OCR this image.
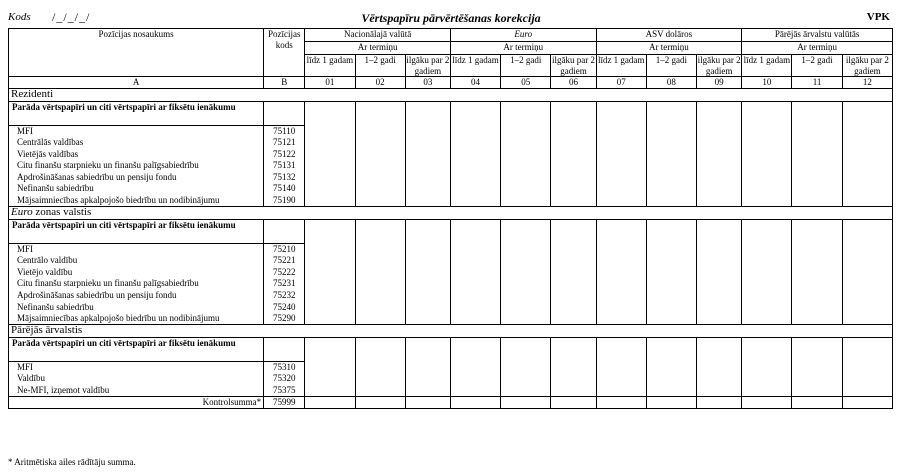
Kods /_/_/_/	Vērtspapīru pārvērtēšanas korekcija	VPK
Pozīcijas nosaukums	Pozīcijas kods	Nacionālajā valūtā			Euro			ASV dolāros			Pārējās ārvalstu valūtās		
		Ar termiņu			Ar termiņu			Ar termiņu			Ar termiņu		
		līdz 1 gadam	1–2 gadi	ilgāku par 2 gadiem	līdz 1 gadam	1–2 gadi	ilgāku par 2 gadiem	līdz 1 gadam	1–2 gadi	ilgāku par 2 gadiem	līdz 1 gadam	1–2 gadi	ilgāku par 2 gadiem
A	B	01	02	03	04	05	06	07	08	09	10	11	12
Rezidenti													
Parāda vērtspapīri un citi vērtspapīri ar fiksētu ienākumu													
MFI	75110												
Centrālās valdības	75121												
Vietējās valdības	75122												
Citu finanšu starpnieku un finanšu palīgsabiedrību	75131												
Apdrošināšanas sabiedrību un pensiju fondu	75132												
Nefinanšu sabiedrību	75140												
Mājsaimniecības apkalpojošo biedrību un nodibinājumu	75190												
Euro zonas valstis													
Parāda vērtspapīri un citi vērtspapīri ar fiksētu ienākumu													
MFI	75210												
Centrālo valdību	75221												
Vietējo valdību	75222												
Citu finanšu starpnieku un finanšu palīgsabiedrību	75231												
Apdrošināšanas sabiedrību un pensiju fondu	75232												
Nefinanšu sabiedrību	75240												
Mājsaimniecības apkalpojošo biedrību un nodibinājumu	75290												
Pārējās ārvalstis													
Parāda vērtspapīri un citi vērtspapīri ar fiksētu ienākumu													
MFI	75310												
Valdību	75320												
Ne-MFI, izņemot valdību	75375												
Kontrolsumma*	75999												
* Aritmētiska ailes rādītāju summa.
